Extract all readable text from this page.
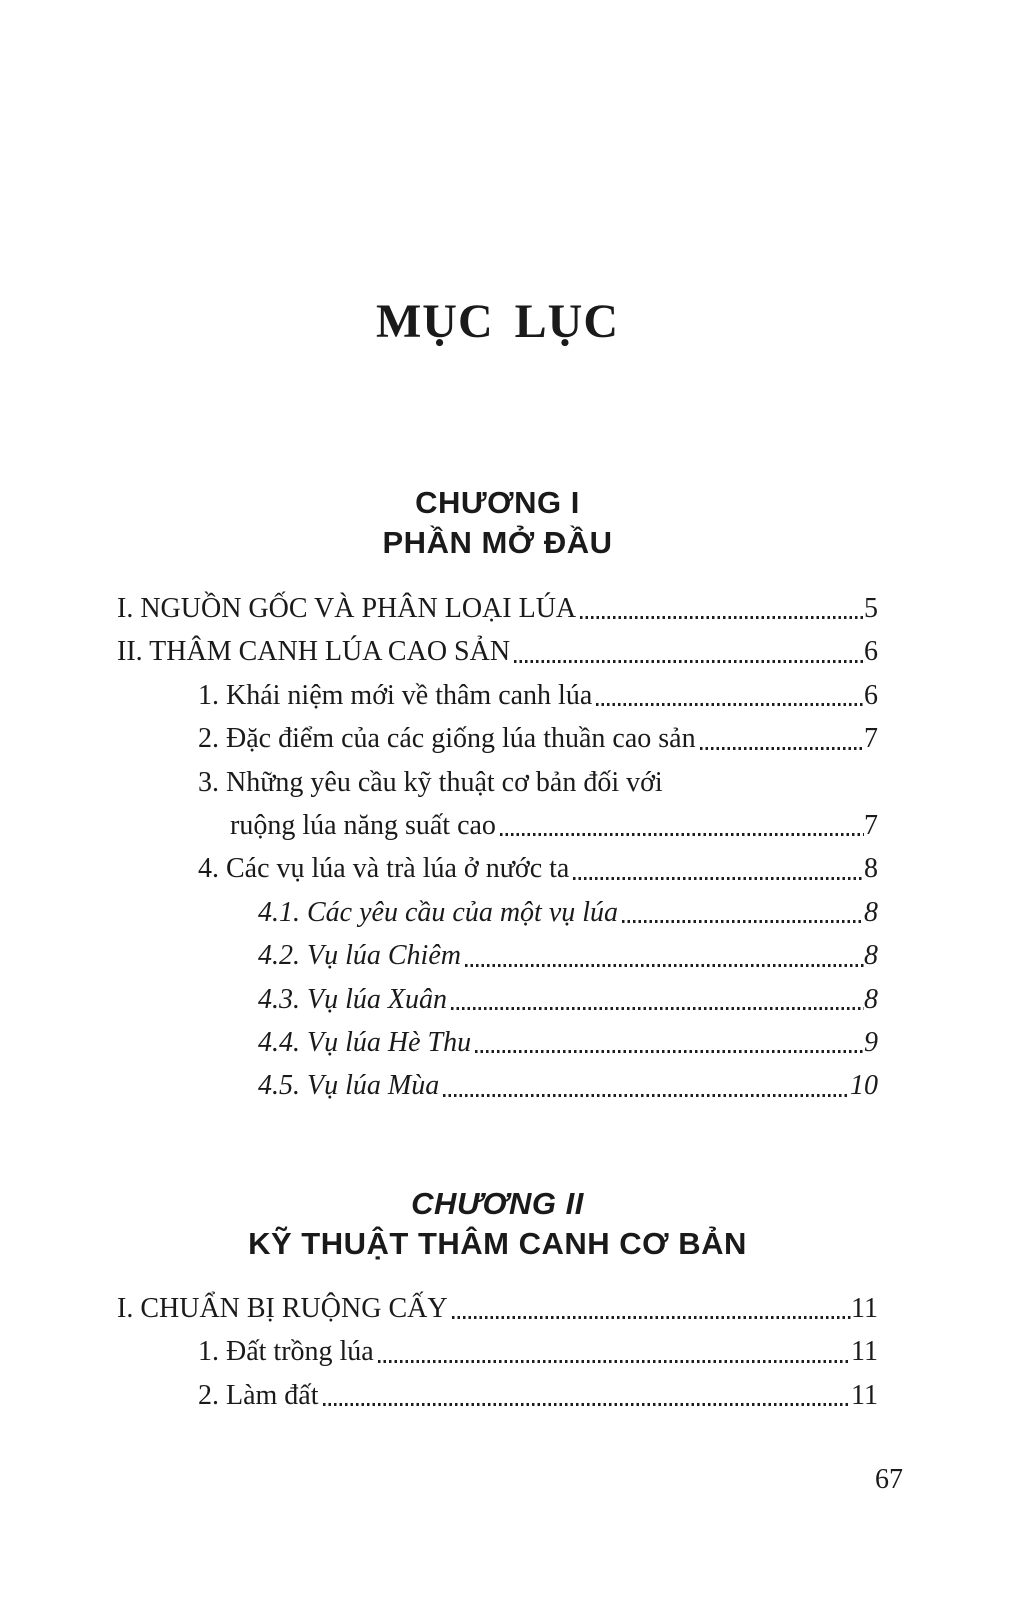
MỤC LỤC
CHƯƠNG I
PHẦN MỞ ĐẦU
I. NGUỒN GỐC VÀ PHÂN LOẠI LÚA	5
II. THÂM CANH LÚA CAO SẢN	6
1. Khái niệm mới về thâm canh lúa	6
2. Đặc điểm của các giống lúa thuần cao sản	7
3. Những yêu cầu kỹ thuật cơ bản đối với
ruộng lúa năng suất cao	7
4. Các vụ lúa và trà lúa ở nước ta	8
4.1. Các yêu cầu của một vụ lúa	8
4.2. Vụ lúa Chiêm	8
4.3. Vụ lúa Xuân	8
4.4. Vụ lúa Hè Thu	9
4.5. Vụ lúa Mùa	10
CHƯƠNG II
KỸ THUẬT THÂM CANH CƠ BẢN
I. CHUẨN BỊ RUỘNG CẤY	11
1. Đất trồng lúa	11
2. Làm đất	11
67
